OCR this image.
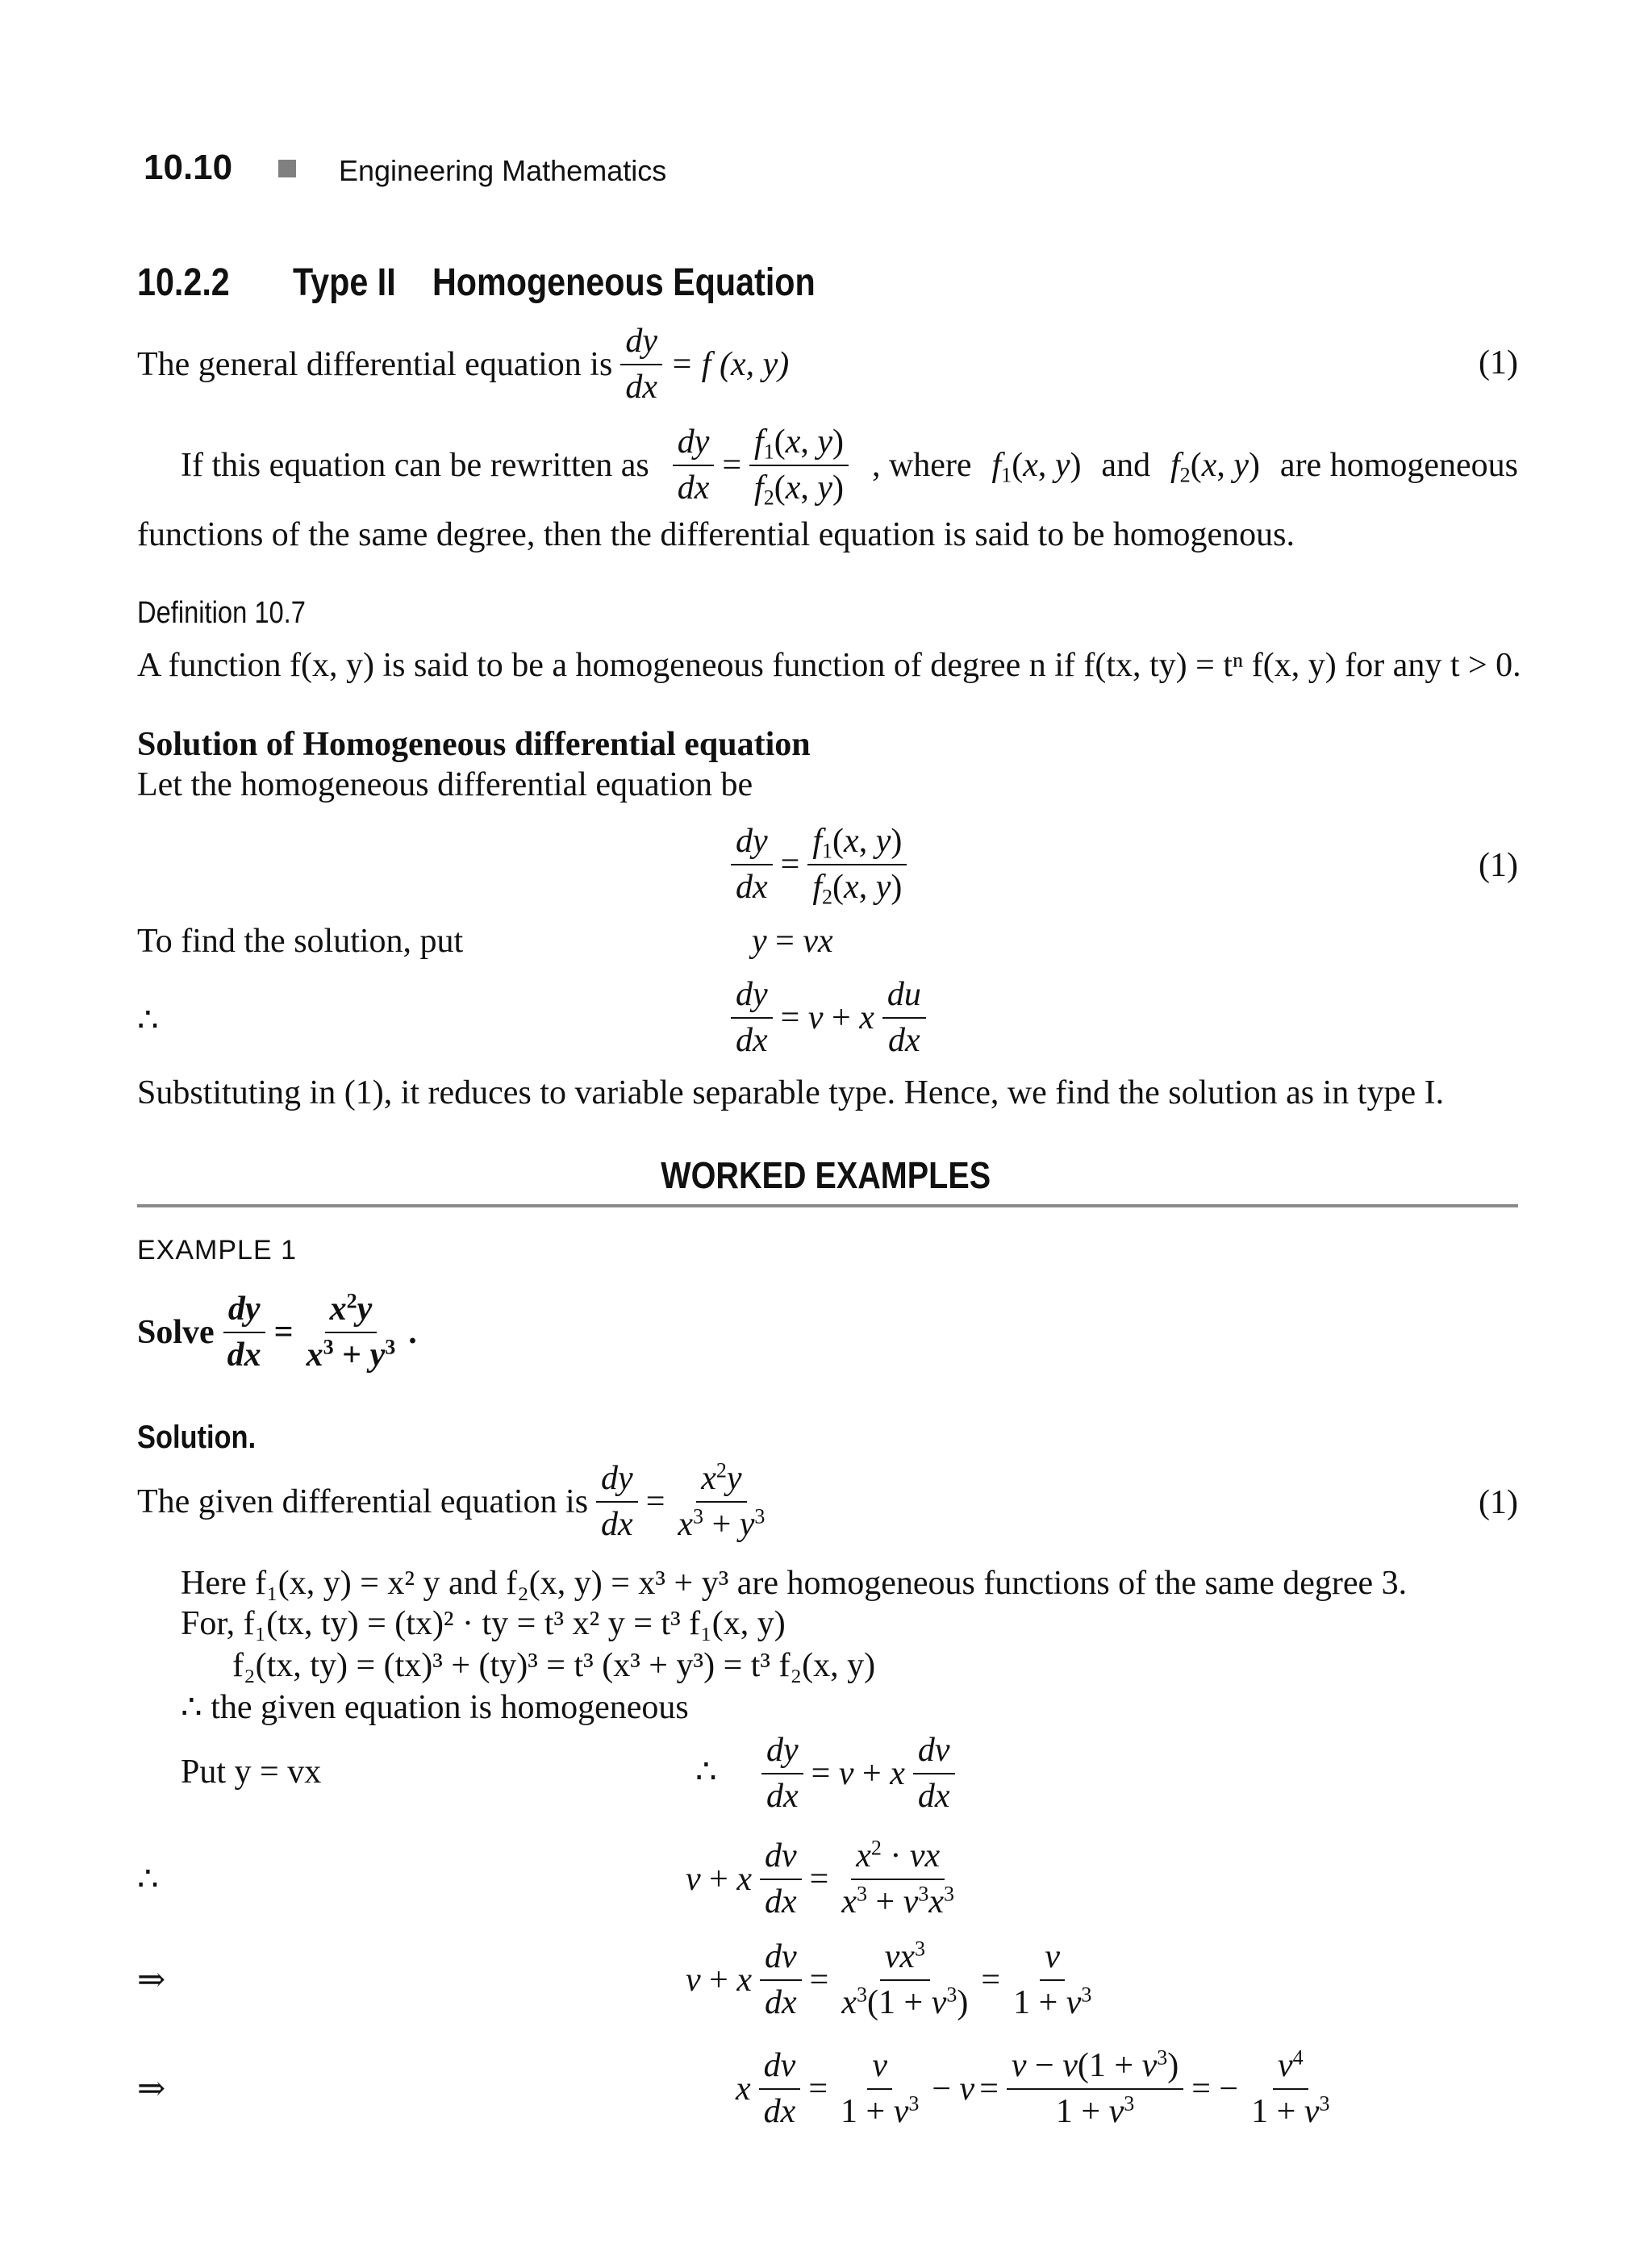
10.10	Engineering Mathematics
10.2.2 Type II Homogeneous Equation
The general differential equation is $\frac{dy}{dx} = f$ (x, y)	(1)
If this equation can be rewritten as $\frac{dy}{dx} = \frac{f_1(x, y)}{f_2(x, y)}$ , where $f_1(x$, y) and $f_2(x$, y) are homogeneous
functions of the same degree, then the differential equation is said to be homogenous.
Definition 10.7
A function f(x, y) is said to be a homogeneous function of degree n if f(tx, ty) = tⁿ f(x, y) for any t > 0.
Solution of Homogeneous differential equation
Let the homogeneous differential equation be
$\frac{dy}{dx} = \frac{f_1(x, y)}{f_2(x, y)}$	(1)
To find the solution, put	y = vx
∴	$\frac{dy}{dx} = v + x \frac{du}{dx}$
Substituting in (1), it reduces to variable separable type. Hence, we find the solution as in type I.
WORKED EXAMPLES
EXAMPLE 1
Solve $\frac{dy}{dx} = \frac{x^2y}{x^3 + y^3}$ .
Solution.
The given differential equation is $\frac{dy}{dx} = \frac{x^2y}{x^3 + y^3}$	(1)
Here f₁(x, y) = x² y and f₂(x, y) = x³ + y³ are homogeneous functions of the same degree 3.
For, f₁(tx, ty) = (tx)² · ty = t³ x² y = t³ f₁(x, y)
f₂(tx, ty) = (tx)³ + (ty)³ = t³ (x³ + y³) = t³ f₂(x, y)
∴ the given equation is homogeneous
Put y = vx	∴ $\frac{dy}{dx} = v + x \frac{dv}{dx}$
∴	v + x $\frac{dv}{dx} = \frac{x^2 \cdot vx}{x^3 + v^3x^3}$
⇒	v + x $\frac{dv}{dx} = \frac{vx^3}{x^3(1 + v^3)} = \frac{v}{1 + v^3}$
⇒	x $\frac{dv}{dx} = \frac{v}{1 + v^3} - v = \frac{v - v(1 + v^3)}{1 + v^3}$ = − $\frac{v^4}{1 + v^3}$
